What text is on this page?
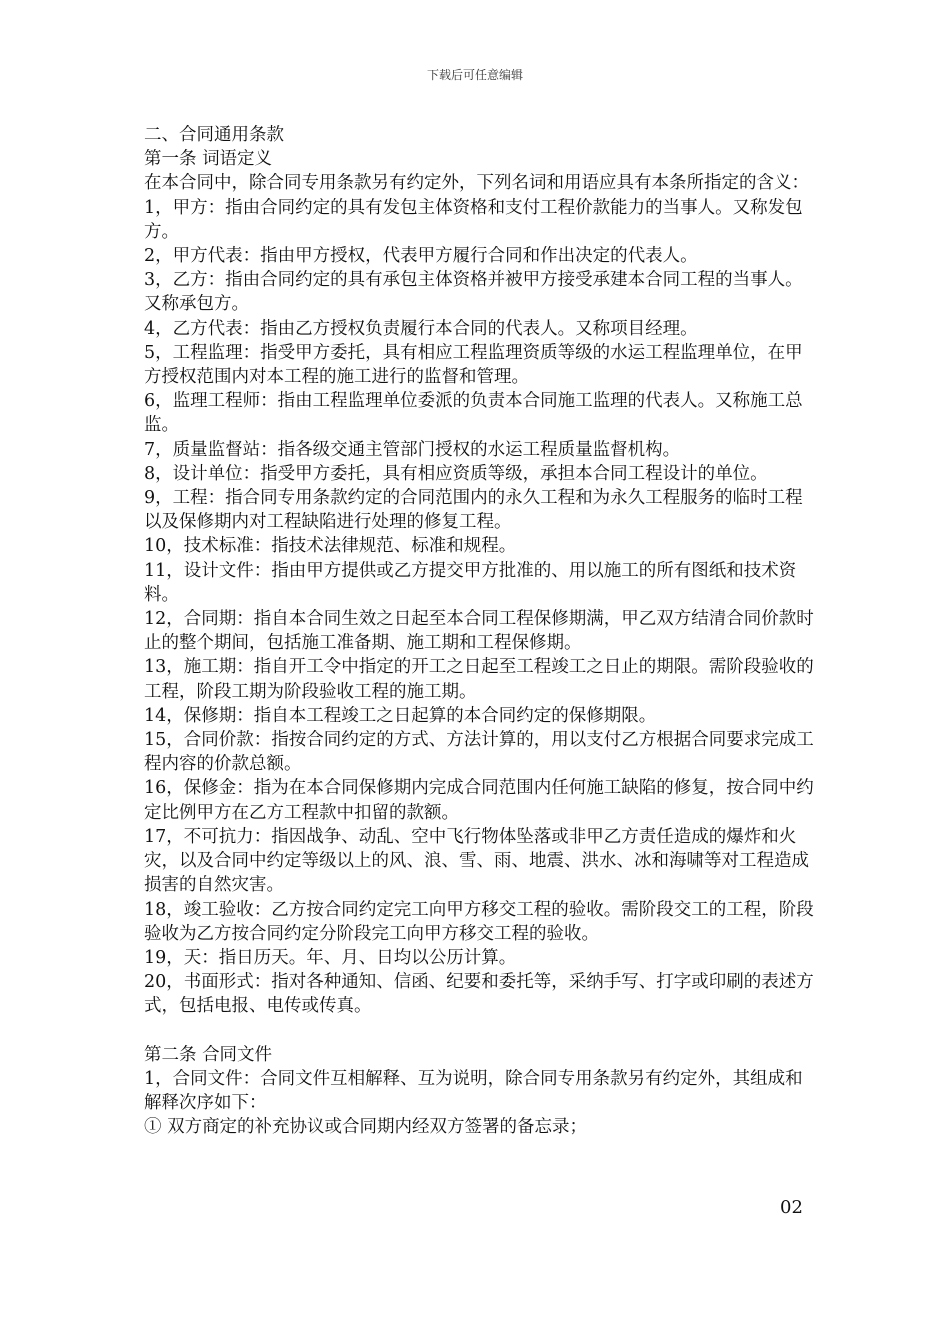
下载后可任意编辑

二、合同通用条款

第一条 词语定义

在本合同中，除合同专用条款另有约定外，下列名词和用语应具有本条所指定的含义：

1，甲方：指由合同约定的具有发包主体资格和支付工程价款能力的当事人。又称发包方。

2，甲方代表：指由甲方授权，代表甲方履行合同和作出决定的代表人。

3，乙方：指由合同约定的具有承包主体资格并被甲方接受承建本合同工程的当事人。又称承包方。

4，乙方代表：指由乙方授权负责履行本合同的代表人。又称项目经理。

5，工程监理：指受甲方委托，具有相应工程监理资质等级的水运工程监理单位，在甲方授权范围内对本工程的施工进行的监督和管理。

6，监理工程师：指由工程监理单位委派的负责本合同施工监理的代表人。又称施工总监。

7，质量监督站：指各级交通主管部门授权的水运工程质量监督机构。

8，设计单位：指受甲方委托，具有相应资质等级，承担本合同工程设计的单位。

9，工程：指合同专用条款约定的合同范围内的永久工程和为永久工程服务的临时工程以及保修期内对工程缺陷进行处理的修复工程。

10，技术标准：指技术法律规范、标准和规程。

11，设计文件：指由甲方提供或乙方提交甲方批准的、用以施工的所有图纸和技术资料。

12，合同期：指自本合同生效之日起至本合同工程保修期满，甲乙双方结清合同价款时止的整个期间，包括施工准备期、施工期和工程保修期。

13，施工期：指自开工令中指定的开工之日起至工程竣工之日止的期限。需阶段验收的工程，阶段工期为阶段验收工程的施工期。

14，保修期：指自本工程竣工之日起算的本合同约定的保修期限。

15，合同价款：指按合同约定的方式、方法计算的，用以支付乙方根据合同要求完成工程内容的价款总额。

16，保修金：指为在本合同保修期内完成合同范围内任何施工缺陷的修复，按合同中约定比例甲方在乙方工程款中扣留的款额。

17，不可抗力：指因战争、动乱、空中飞行物体坠落或非甲乙方责任造成的爆炸和火灾，以及合同中约定等级以上的风、浪、雪、雨、地震、洪水、冰和海啸等对工程造成损害的自然灾害。

18，竣工验收：乙方按合同约定完工向甲方移交工程的验收。需阶段交工的工程，阶段验收为乙方按合同约定分阶段完工向甲方移交工程的验收。

19，天：指日历天。年、月、日均以公历计算。

20，书面形式：指对各种通知、信函、纪要和委托等，采纳手写、打字或印刷的表述方式，包括电报、电传或传真。

第二条 合同文件

1，合同文件：合同文件互相解释、互为说明，除合同专用条款另有约定外，其组成和解释次序如下：

① 双方商定的补充协议或合同期内经双方签署的备忘录；

02
